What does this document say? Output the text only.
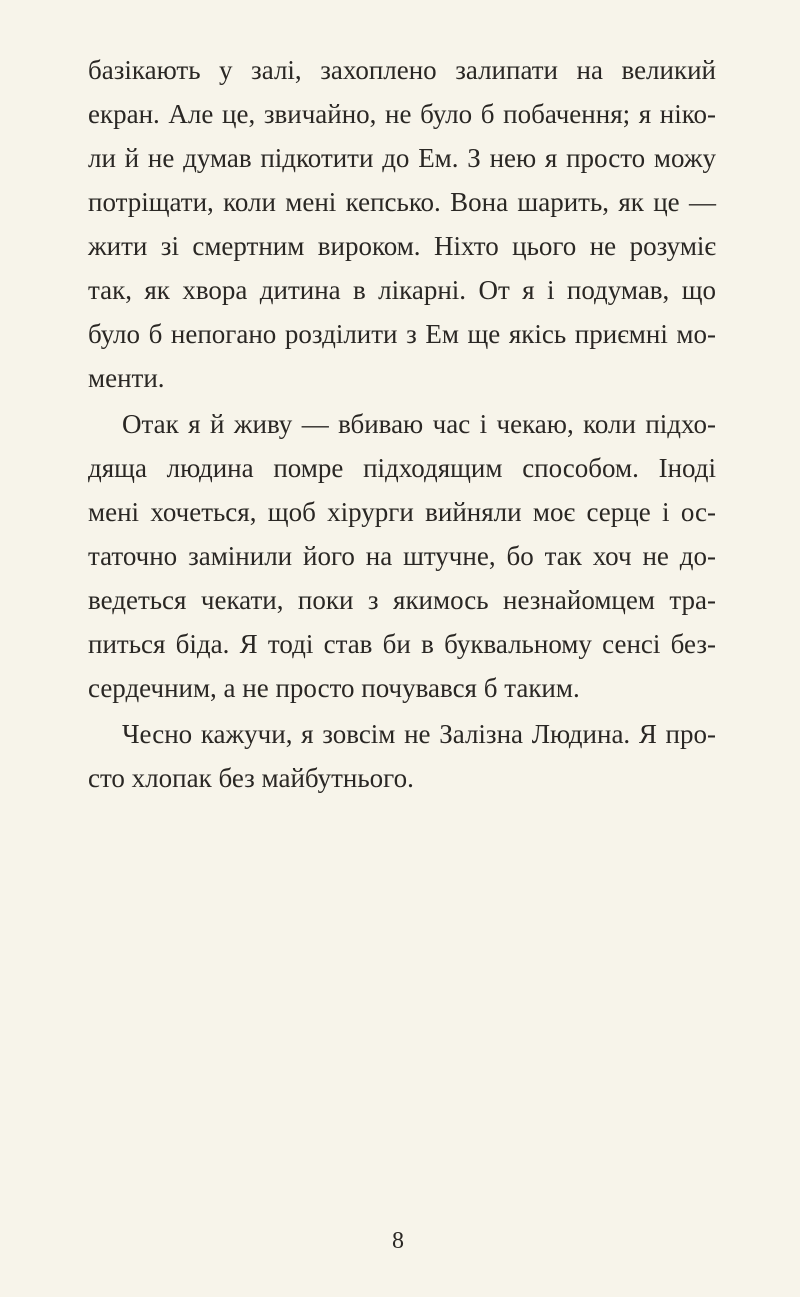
базікають у залі, захоплено залипати на великий
екран. Але це, звичайно, не було б побачення; я ніко-
ли й не думав підкотити до Ем. З нею я просто можу
потріщати, коли мені кепсько. Вона шарить, як це —
жити зі смертним вироком. Ніхто цього не розуміє
так, як хвора дитина в лікарні. От я і подумав, що
було б непогано розділити з Ем ще якісь приємні мо-
менти.
Отак я й живу — вбиваю час і чекаю, коли підхо-
дяща людина помре підходящим способом. Іноді
мені хочеться, щоб хірурги вийняли моє серце і ос-
таточно замінили його на штучне, бо так хоч не до-
ведеться чекати, поки з якимось незнайомцем тра-
питься біда. Я тоді став би в буквальному сенсі без-
сердечним, а не просто почувався б таким.
Чесно кажучи, я зовсім не Залізна Людина. Я про-
сто хлопак без майбутнього.
8
